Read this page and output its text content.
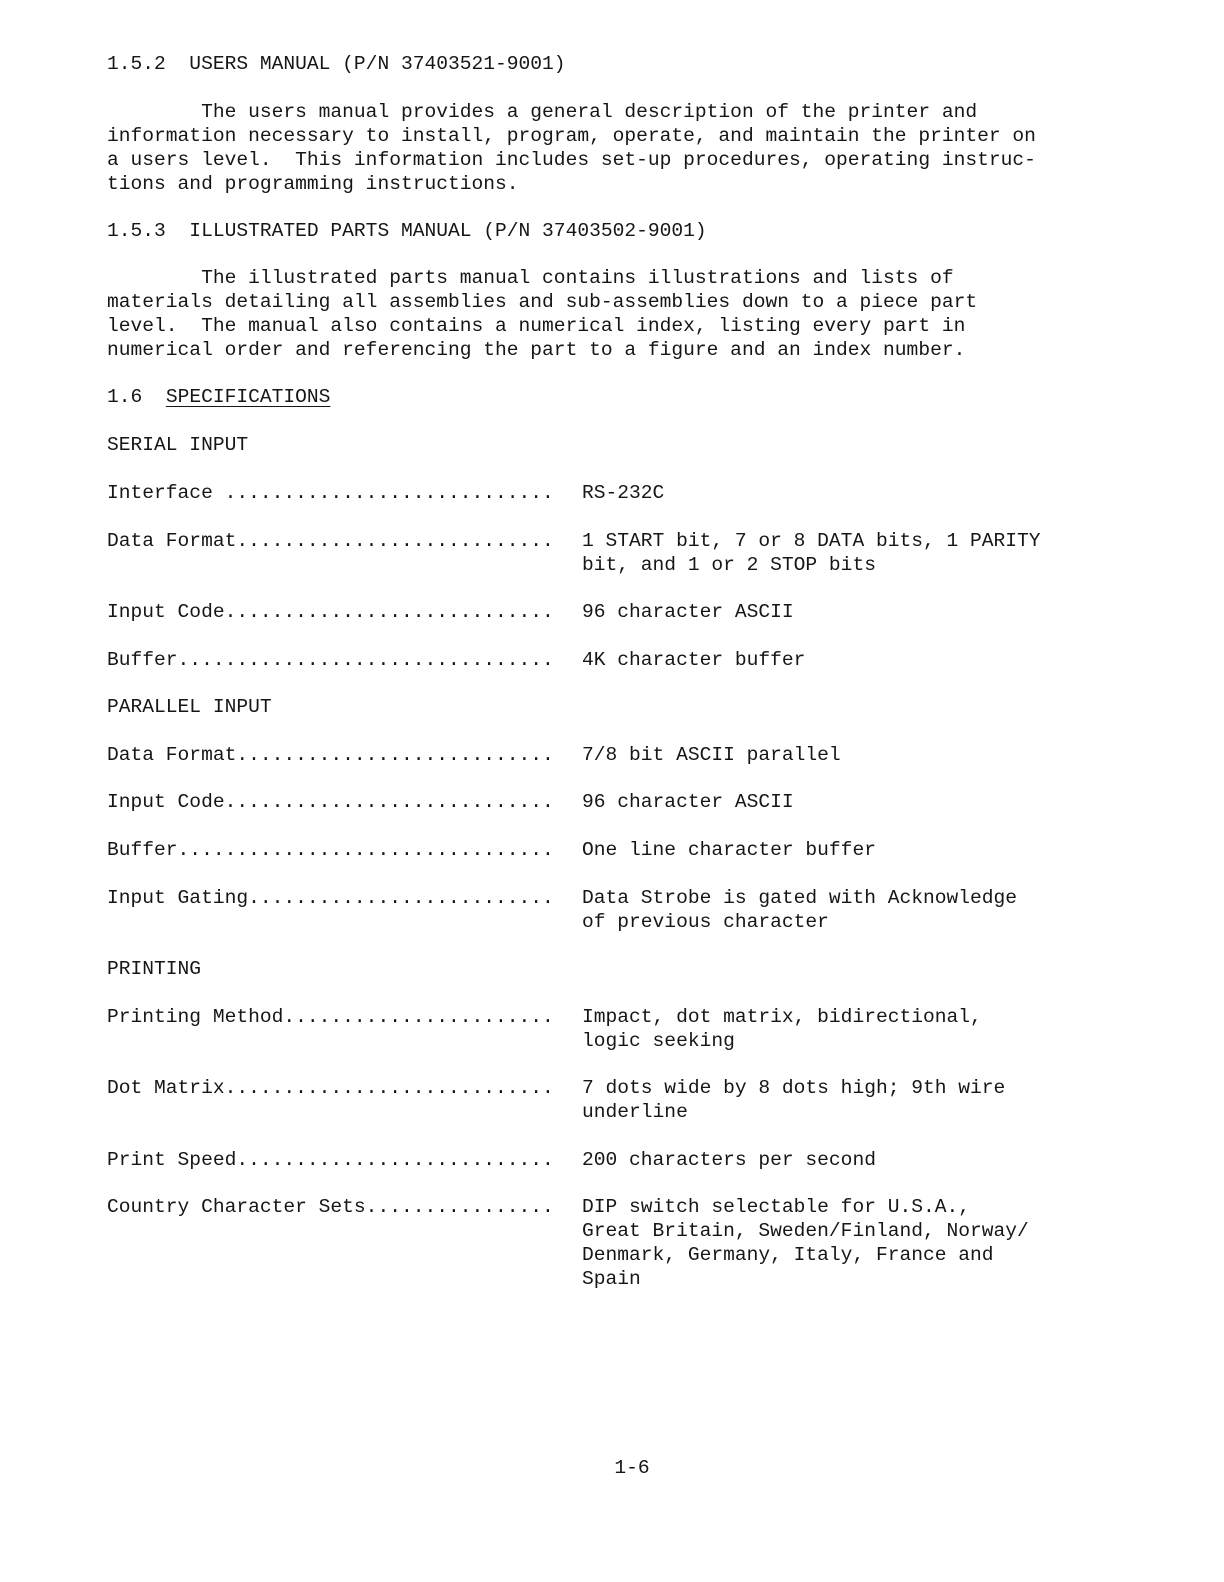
1.5.2  USERS MANUAL (P/N 37403521-9001)
The users manual provides a general description of the printer and
information necessary to install, program, operate, and maintain the printer on
a users level.  This information includes set-up procedures, operating instruc-
tions and programming instructions.
1.5.3  ILLUSTRATED PARTS MANUAL (P/N 37403502-9001)
The illustrated parts manual contains illustrations and lists of
materials detailing all assemblies and sub-assemblies down to a piece part
level.  The manual also contains a numerical index, listing every part in
numerical order and referencing the part to a figure and an index number.
1.6 SPECIFICATIONS
SERIAL INPUT
Interface ............................ RS-232C
Data Format........................... 1 START bit, 7 or 8 DATA bits, 1 PARITY
bit, and 1 or 2 STOP bits
Input Code............................ 96 character ASCII
Buffer................................ 4K character buffer
PARALLEL INPUT
Data Format........................... 7/8 bit ASCII parallel
Input Code............................ 96 character ASCII
Buffer................................ One line character buffer
Input Gating.......................... Data Strobe is gated with Acknowledge
of previous character
PRINTING
Printing Method....................... Impact, dot matrix, bidirectional,
logic seeking
Dot Matrix............................ 7 dots wide by 8 dots high; 9th wire
underline
Print Speed........................... 200 characters per second
Country Character Sets................ DIP switch selectable for U.S.A.,
Great Britain, Sweden/Finland, Norway/
Denmark, Germany, Italy, France and
Spain
1-6
